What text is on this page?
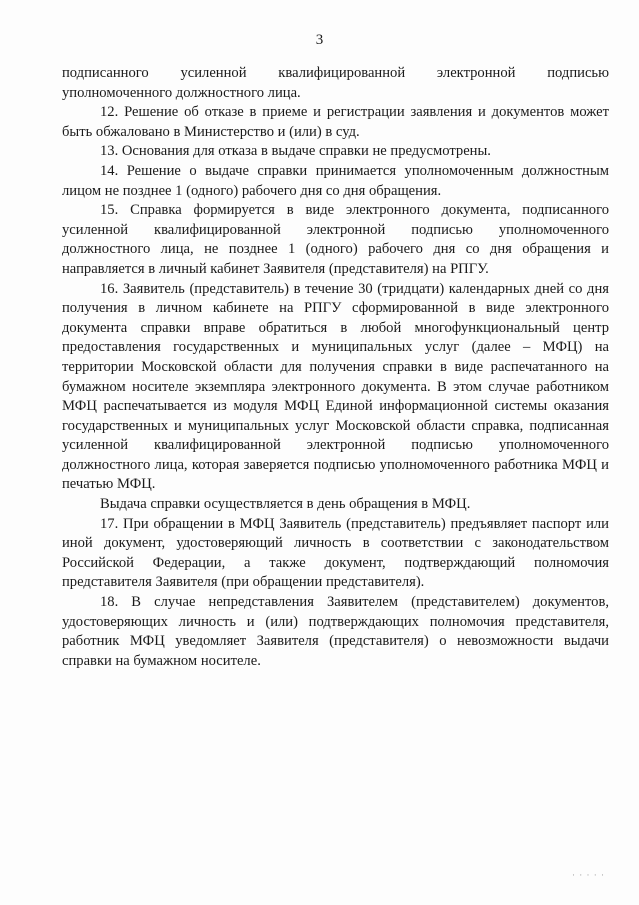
3

подписанного усиленной квалифицированной электронной подписью уполномоченного должностного лица.

12. Решение об отказе в приеме и регистрации заявления и документов может быть обжаловано в Министерство и (или) в суд.

13. Основания для отказа в выдаче справки не предусмотрены.

14. Решение о выдаче справки принимается уполномоченным должностным лицом не позднее 1 (одного) рабочего дня со дня обращения.

15. Справка формируется в виде электронного документа, подписанного усиленной квалифицированной электронной подписью уполномоченного должностного лица, не позднее 1 (одного) рабочего дня со дня обращения и направляется в личный кабинет Заявителя (представителя) на РПГУ.

16. Заявитель (представитель) в течение 30 (тридцати) календарных дней со дня получения в личном кабинете на РПГУ сформированной в виде электронного документа справки вправе обратиться в любой многофункциональный центр предоставления государственных и муниципальных услуг (далее – МФЦ) на территории Московской области для получения справки в виде распечатанного на бумажном носителе экземпляра электронного документа. В этом случае работником МФЦ распечатывается из модуля МФЦ Единой информационной системы оказания государственных и муниципальных услуг Московской области справка, подписанная усиленной квалифицированной электронной подписью уполномоченного должностного лица, которая заверяется подписью уполномоченного работника МФЦ и печатью МФЦ.

Выдача справки осуществляется в день обращения в МФЦ.

17. При обращении в МФЦ Заявитель (представитель) предъявляет паспорт или иной документ, удостоверяющий личность в соответствии с законодательством Российской Федерации, а также документ, подтверждающий полномочия представителя Заявителя (при обращении представителя).

18. В случае непредставления Заявителем (представителем) документов, удостоверяющих личность и (или) подтверждающих полномочия представителя, работник МФЦ уведомляет Заявителя (представителя) о невозможности выдачи справки на бумажном носителе.

· · · · ·
